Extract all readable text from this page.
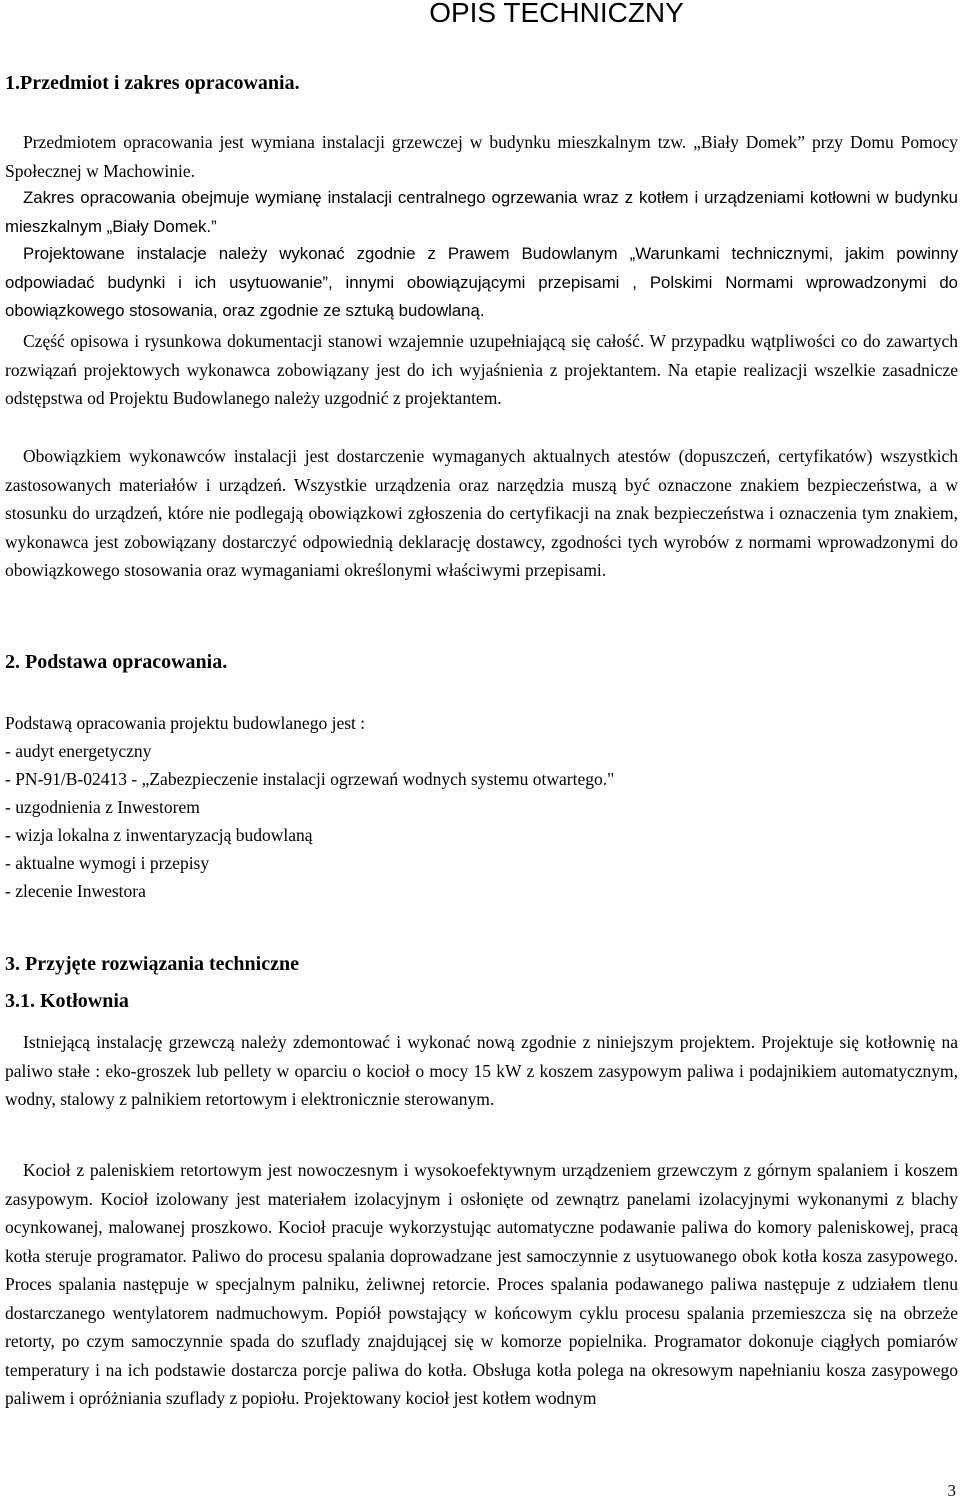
OPIS TECHNICZNY
1.Przedmiot i zakres opracowania.

Przedmiotem opracowania jest wymiana instalacji grzewczej w budynku mieszkalnym tzw. „Biały Domek” przy Domu Pomocy Społecznej w Machowinie.

Zakres opracowania obejmuje wymianę instalacji centralnego ogrzewania wraz z kotłem i urządzeniami kotłowni w budynku mieszkalnym „Biały Domek.”

Projektowane instalacje należy wykonać zgodnie z Prawem Budowlanym „Warunkami technicznymi, jakim powinny odpowiadać budynki i ich usytuowanie”, innymi obowiązującymi przepisami , Polskimi Normami wprowadzonymi do obowiązkowego stosowania, oraz zgodnie ze sztuką budowlaną.

Część opisowa i rysunkowa dokumentacji stanowi wzajemnie uzupełniającą się całość. W przypadku wątpliwości co do zawartych rozwiązań projektowych wykonawca zobowiązany jest do ich wyjaśnienia z projektantem. Na etapie realizacji wszelkie zasadnicze odstępstwa od Projektu Budowlanego należy uzgodnić z projektantem.

Obowiązkiem wykonawców instalacji jest dostarczenie wymaganych aktualnych atestów (dopuszczeń, certyfikatów) wszystkich zastosowanych materiałów i urządzeń. Wszystkie urządzenia oraz narzędzia muszą być oznaczone znakiem bezpieczeństwa, a w stosunku do urządzeń, które nie podlegają obowiązkowi zgłoszenia do certyfikacji na znak bezpieczeństwa i oznaczenia tym znakiem, wykonawca jest zobowiązany dostarczyć odpowiednią deklarację dostawcy, zgodności tych wyrobów z normami wprowadzonymi do obowiązkowego stosowania oraz wymaganiami określonymi właściwymi przepisami.

2. Podstawa opracowania.

Podstawą opracowania projektu budowlanego jest :

- audyt energetyczny
- PN-91/B-02413 - „Zabezpieczenie instalacji ogrzewań wodnych systemu otwartego."
- uzgodnienia z Inwestorem
- wizja lokalna z inwentaryzacją budowlaną
- aktualne wymogi i przepisy
- zlecenie Inwestora
3. Przyjęte rozwiązania techniczne
3.1. Kotłownia

Istniejącą instalację grzewczą należy zdemontować i wykonać nową zgodnie z niniejszym projektem. Projektuje się kotłownię na paliwo stałe : eko-groszek lub pellety w oparciu o kocioł o mocy 15 kW z koszem zasypowym paliwa i podajnikiem automatycznym, wodny, stalowy z palnikiem retortowym i elektronicznie sterowanym.

Kocioł z paleniskiem retortowym jest nowoczesnym i wysokoefektywnym urządzeniem grzewczym z górnym spalaniem i koszem zasypowym. Kocioł izolowany jest materiałem izolacyjnym i osłonięte od zewnątrz panelami izolacyjnymi wykonanymi z blachy ocynkowanej, malowanej proszkowo. Kocioł pracuje wykorzystując automatyczne podawanie paliwa do komory paleniskowej, pracą kotła steruje programator. Paliwo do procesu spalania doprowadzane jest samoczynnie z usytuowanego obok kotła kosza zasypowego. Proces spalania następuje w specjalnym palniku, żeliwnej retorcie. Proces spalania podawanego paliwa następuje z udziałem tlenu dostarczanego wentylatorem nadmuchowym. Popiół powstający w końcowym cyklu procesu spalania przemieszcza się na obrzeże retorty, po czym samoczynnie spada do szuflady znajdującej się w komorze popielnika. Programator dokonuje ciągłych pomiarów temperatury i na ich podstawie dostarcza porcje paliwa do kotła. Obsługa kotła polega na okresowym napełnianiu kosza zasypowego paliwem i opróżniania szuflady z popiołu. Projektowany kocioł jest kotłem wodnym

3
